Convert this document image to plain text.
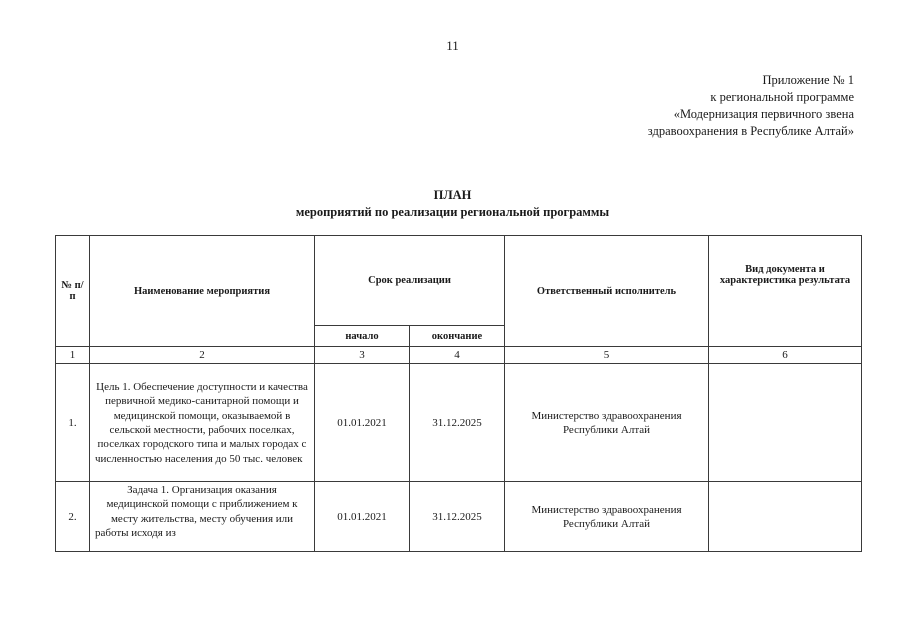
11
Приложение № 1
к региональной программе
«Модернизация первичного звена
здравоохранения в Республике Алтай»
ПЛАН
мероприятий по реализации региональной программы
№ п/п	Наименование мероприятия	Срок реализации		Ответственный исполнитель	Вид документа и характеристика результата
		начало	окончание		
1	2	3	4	5	6
1.	Цель 1. Обеспечение доступности и качества первичной медико-санитарной помощи и медицинской помощи, оказываемой в сельской местности, рабочих поселках, поселках городского типа и малых городах с численностью населения до 50 тыс. человек	01.01.2021	31.12.2025	Министерство здравоохранения Республики Алтай	
2.	Задача 1. Организация оказания медицинской помощи с приближением к месту жительства, месту обучения или работы исходя из	01.01.2021	31.12.2025	Министерство здравоохранения Республики Алтай	
